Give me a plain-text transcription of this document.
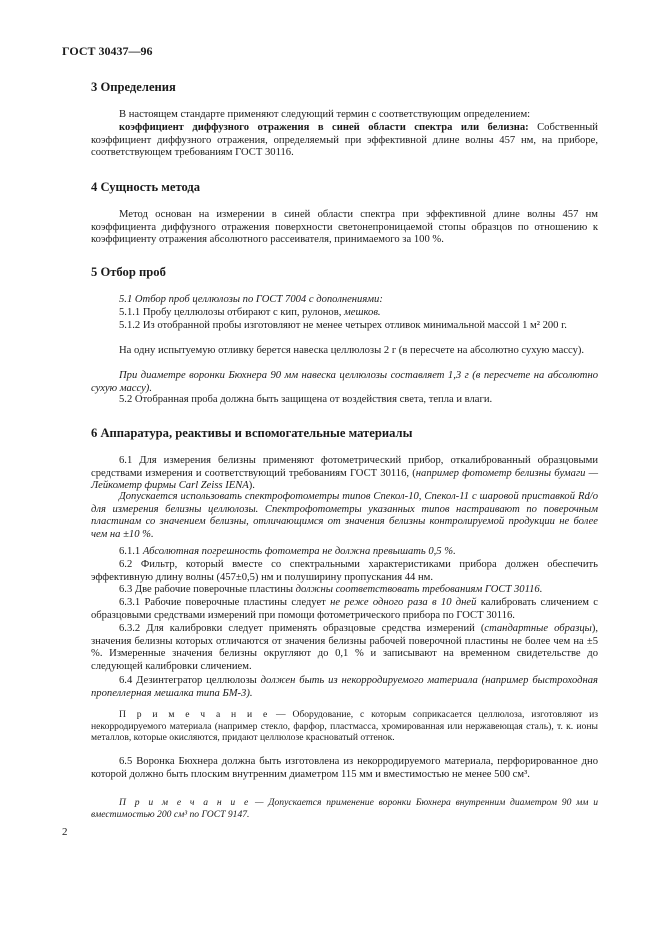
ГОСТ 30437—96
3 Определения
В настоящем стандарте применяют следующий термин с соответствующим определением:
коэффициент диффузного отражения в синей области спектра или белизна: Собственный коэффициент диффузного отражения, определяемый при эффективной длине волны 457 нм, на приборе, соответствующем требованиям ГОСТ 30116.
4 Сущность метода
Метод основан на измерении в синей области спектра при эффективной длине волны 457 нм коэффициента диффузного отражения поверхности светонепроницаемой стопы образцов по отношению к коэффициенту отражения абсолютного рассеивателя, принимаемого за 100 %.
5 Отбор проб
5.1 Отбор проб целлюлозы по ГОСТ 7004 с дополнениями:
5.1.1 Пробу целлюлозы отбирают с кип, рулонов, мешков.
5.1.2 Из отобранной пробы изготовляют не менее четырех отливок минимальной массой 1 м² 200 г.
На одну испытуемую отливку берется навеска целлюлозы 2 г (в пересчете на абсолютно сухую массу).
При диаметре воронки Бюхнера 90 мм навеска целлюлозы составляет 1,3 г (в пересчете на абсолютно сухую массу).
5.2 Отобранная проба должна быть защищена от воздействия света, тепла и влаги.
6 Аппаратура, реактивы и вспомогательные материалы
6.1 Для измерения белизны применяют фотометрический прибор, откалиброванный образцовыми средствами измерения и соответствующий требованиям ГОСТ 30116, (например фотометр белизны бумаги — Лейкометр фирмы Carl Zeiss IENA).
Допускается использовать спектрофотометры типов Спекол-10, Спекол-11 с шаровой приставкой Rd/o для измерения белизны целлюлозы. Спектрофотометры указанных типов настраивают по поверочным пластинам со значением белизны, отличающимся от значения белизны контролируемой продукции не более чем на ±10 %.
6.1.1 Абсолютная погрешность фотометра не должна превышать 0,5 %.
6.2 Фильтр, который вместе со спектральными характеристиками прибора должен обеспечить эффективную длину волны (457±0,5) нм и полуширину пропускания 44 нм.
6.3 Две рабочие поверочные пластины должны соответствовать требованиям ГОСТ 30116.
6.3.1 Рабочие поверочные пластины следует не реже одного раза в 10 дней калибровать сличением с образцовыми средствами измерений при помощи фотометрического прибора по ГОСТ 30116.
6.3.2 Для калибровки следует применять образцовые средства измерений (стандартные образцы), значения белизны которых отличаются от значения белизны рабочей поверочной пластины не более чем на ±5 %. Измеренные значения белизны округляют до 0,1 % и записывают на временном свидетельстве до следующей калибровки сличением.
6.4 Дезинтегратор целлюлозы должен быть из некорродируемого материала (например быстроходная пропеллерная мешалка типа БМ-3).
П р и м е ч а н и е — Оборудование, с которым соприкасается целлюлоза, изготовляют из некорродируемого материала (например стекло, фарфор, пластмасса, хромированная или нержавеющая сталь), т. к. ионы металлов, которые окисляются, придают целлюлозе красноватый оттенок.
6.5 Воронка Бюхнера должна быть изготовлена из некорродируемого материала, перфорированное дно которой должно быть плоским внутренним диаметром 115 мм и вместимостью не менее 500 см³.
П р и м е ч а н и е — Допускается применение воронки Бюхнера внутренним диаметром 90 мм и вместимостью 200 см³ по ГОСТ 9147.
2
